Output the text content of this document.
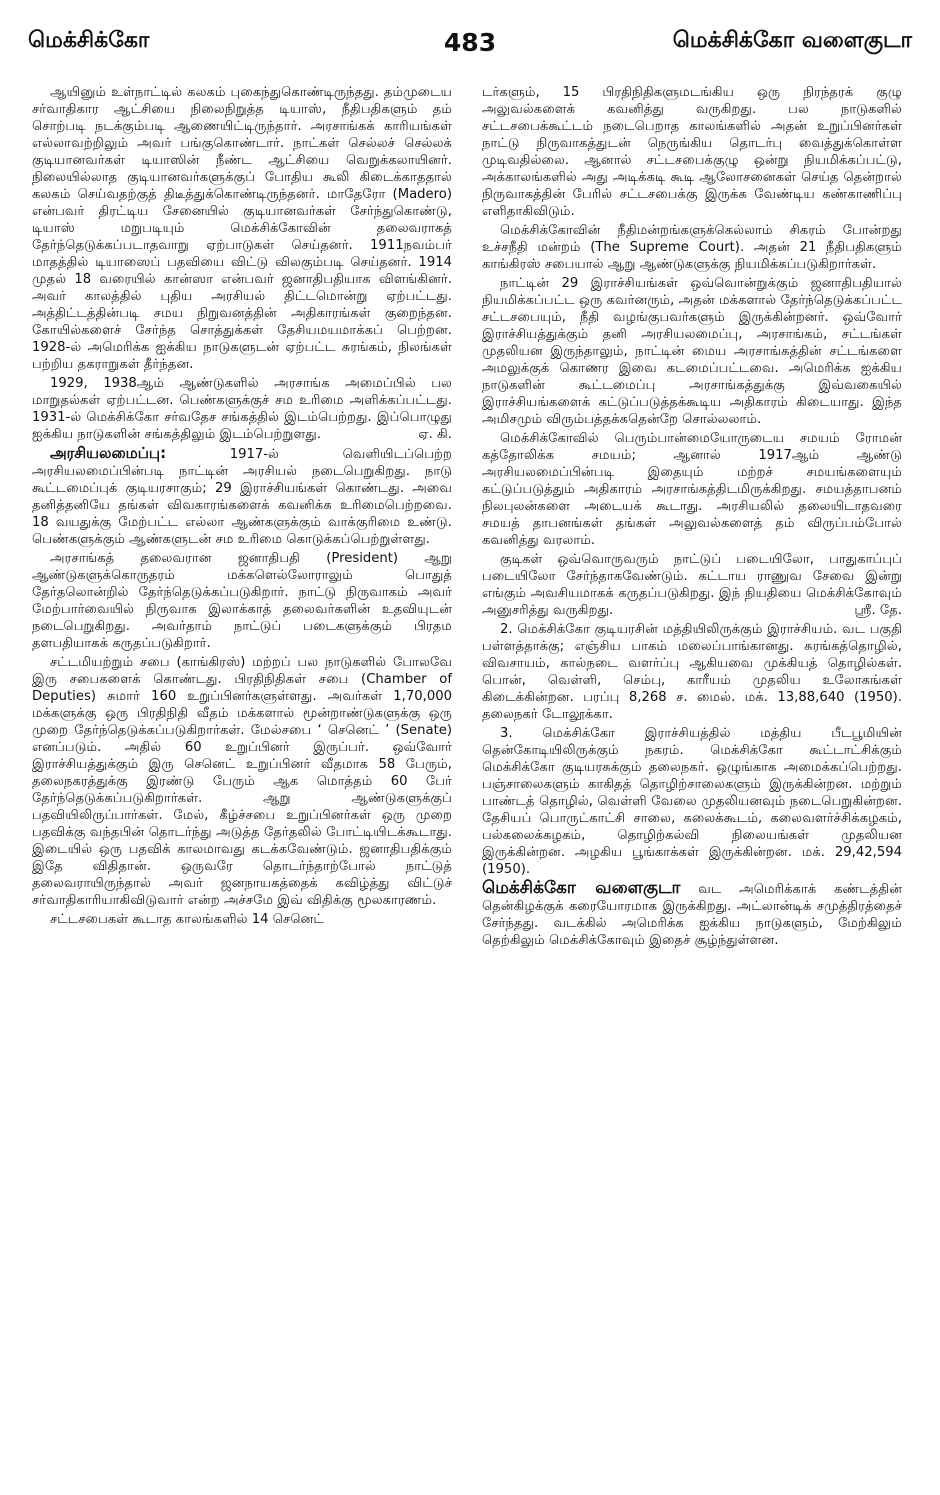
மெக்சிக்கோ	483	மெக்சிக்கோ வளைகுடா

ஆயினும் உள்நாட்டில் கலகம் புகைந்துகொண்டிருந்தது. தம்முடைய சர்வாதிகார ஆட்சியை நிலைநிறுத்த டியாஸ், நீதிபதிகளும் தம் சொற்படி நடக்கும்படி ஆணையிட்டிருந்தார். அரசாங்கக் காரியங்கள் எல்லாவற்றிலும் அவர் பங்குகொண்டார். நாட்கள் செல்லச் செல்லக் குடியானவர்கள் டியாஸின் நீண்ட ஆட்சியை வெறுக்கலாயினர். நிலையில்லாத குடியானவர்களுக்குப் போதிய கூலி கிடைக்காததால் கலகம் செய்வதற்குத் திடீத்துக்கொண்டிருந்தனர். மாதேரோ (Madero) என்பவர் திரட்டிய சேனையில் குடியானவர்கள் சேர்ந்துகொண்டு, டியாஸ் மறுபடியும் மெக்சிக்கோவின் தலைவராகத் தேர்ந்தெடுக்கப்படாதவாறு ஏற்பாடுகள் செய்தனர். 1911நவம்பர் மாதத்தில் டியாஸைப் பதவியை விட்டு விலகும்படி செய்தனர். 1914 முதல் 18 வரையில் கான்ஸா என்பவர் ஜனாதிபதியாக விளங்கினர். அவர் காலத்தில் புதிய அரசியல் திட்டமொன்று ஏற்பட்டது. அத்திட்டத்தின்படி சமய நிறுவனத்தின் அதிகாரங்கள் குறைந்தன. கோயில்களைச் சேர்ந்த சொத்துக்கள் தேசியமயமாக்கப் பெற்றன. 1928-ல் அமெரிக்க ஐக்கிய நாடுகளுடன் ஏற்பட்ட சுரங்கம், நிலங்கள் பற்றிய தகராறுகள் தீர்ந்தன.

1929, 1938ஆம் ஆண்டுகளில் அரசாங்க அமைப்பில் பல மாறுதல்கள் ஏற்பட்டன. பெண்களுக்குச் சம உரிமை அளிக்கப்பட்டது. 1931-ல் மெக்சிக்கோ சர்வதேச சங்கத்தில் இடம்பெற்றது. இப்பொழுது ஐக்கிய நாடுகளின் சங்கத்திலும் இடம்பெற்றுளது.	ஏ. கி.

அரசியலமைப்பு: 1917-ல் வெளியிடப்பெற்ற அரசியலமைப்பின்படி நாட்டின் அரசியல் நடைபெறுகிறது. நாடு கூட்டமைப்புக் குடியரசாகும்; 29 இராச்சியங்கள் கொண்டது. அவை தனித்தனியே தங்கள் விவகாரங்களைக் கவனிக்க உரிமைபெற்றவை. 18 வயதுக்கு மேற்பட்ட எல்லா ஆண்களுக்கும் வாக்குரிமை உண்டு. பெண்களுக்கும் ஆண்களுடன் சம உரிமை கொடுக்கப்பெற்றுள்ளது.

அரசாங்கத் தலைவரான ஜனாதிபதி (President) ஆறு ஆண்டுகளுக்கொருதரம் மக்களெல்லோராலும் பொதுத் தேர்தலொன்றில் தேர்ந்தெடுக்கப்படுகிறார். நாட்டு நிருவாகம் அவர் மேற்பார்வையில் நிருவாக இலாக்காத் தலைவர்களின் உதவியுடன் நடைபெறுகிறது. அவர்தாம் நாட்டுப் படைகளுக்கும் பிரதம தளபதியாகக் கருதப்படுகிறார்.

சட்டமியற்றும் சபை (காங்கிரஸ்) மற்றப் பல நாடுகளில் போலவே இரு சபைகளைக் கொண்டது. பிரதிநிதிகள் சபை (Chamber of Deputies) சுமார் 160 உறுப்பினர்களுள்ளது. அவர்கள் 1,70,000 மக்களுக்கு ஒரு பிரதிநிதி வீதம் மக்களால் மூன்றாண்டுகளுக்கு ஒரு முறை தேர்ந்தெடுக்கப்படுகிறார்கள். மேல்சபை ‘ செனெட் ’ (Senate) எனப்படும். அதில் 60 உறுப்பினர் இருப்பர். ஒவ்வோர் இராச்சியத்துக்கும் இரு செனெட் உறுப்பினர் வீதமாக 58 பேரும், தலைநகரத்துக்கு இரண்டு பேரும் ஆக மொத்தம் 60 பேர் தேர்ந்தெடுக்கப்படுகிறார்கள். ஆறு ஆண்டுகளுக்குப் பதவியிலிருப்பார்கள். மேல், கீழ்ச்சபை உறுப்பினர்கள் ஒரு முறை பதவிக்கு வந்தபின் தொடர்ந்து அடுத்த தேர்தலில் போட்டியிடக்கூடாது. இடையில் ஒரு பதவிக் காலமாவது கடக்கவேண்டும். ஜனாதிபதிக்கும் இதே விதிதான். ஒருவரே தொடர்ந்தாற்போல் நாட்டுத் தலைவராயிருந்தால் அவர் ஜனநாயகத்தைக் கவிழ்த்து விட்டுச் சர்வாதிகாரியாகிவிடுவார் என்ற அச்சமே இவ் விதிக்கு மூலகாரணம்.

சட்டசபைகள் கூடாத காலங்களில் 14 செனெட்

டர்களும், 15 பிரதிநிதிகளுமடங்கிய ஒரு நிரந்தரக் குழு அலுவல்களைக் கவனித்து வருகிறது. பல நாடுகளில் சட்டசபைக்கூட்டம் நடைபெறாத காலங்களில் அதன் உறுப்பினர்கள் நாட்டு நிருவாகத்துடன் நெருங்கிய தொடர்பு வைத்துக்கொள்ள முடிவதில்லை. ஆனால் சட்டசபைக்குழு ஒன்று நியமிக்கப்பட்டு, அக்காலங்களில் அது அடிக்கடி கூடி ஆலோசனைகள் செய்த தென்றால் நிருவாகத்தின் பேரில் சட்டசபைக்கு இருக்க வேண்டிய கண்காணிப்பு எளிதாகிவிடும்.

மெக்சிக்கோவின் நீதிமன்றங்களுக்கெல்லாம் சிகரம் போன்றது உச்சநீதி மன்றம் (The Supreme Court). அதன் 21 நீதிபதிகளும் காங்கிரஸ் சபையால் ஆறு ஆண்டுகளுக்கு நியமிக்கப்படுகிறார்கள்.

நாட்டின் 29 இராச்சியங்கள் ஒவ்வொன்றுக்கும் ஜனாதிபதியால் நியமிக்கப்பட்ட ஒரு கவர்னரும், அதன் மக்களால் தேர்ந்தெடுக்கப்பட்ட சட்டசபையும், நீதி வழங்குபவர்களும் இருக்கின்றனர். ஒவ்வோர் இராச்சியத்துக்கும் தனி அரசியலமைப்பு, அரசாங்கம், சட்டங்கள் முதலியன இருந்தாலும், நாட்டின் மைய அரசாங்கத்தின் சட்டங்களை அமலுக்குக் கொணர இவை கடமைப்பட்டவை. அமெரிக்க ஐக்கிய நாடுகளின் கூட்டமைப்பு அரசாங்கத்துக்கு இவ்வகையில் இராச்சியங்களைக் கட்டுப்படுத்தக்கூடிய அதிகாரம் கிடையாது. இந்த அமிசமும் விரும்பத்தக்கதென்றே சொல்லலாம்.

மெக்சிக்கோவில் பெரும்பான்மையோருடைய சமயம் ரோமன் கத்தோலிக்க சமயம்; ஆனால் 1917ஆம் ஆண்டு அரசியலமைப்பின்படி இதையும் மற்றச் சமயங்களையும் கட்டுப்படுத்தும் அதிகாரம் அரசாங்கத்திடமிருக்கிறது. சமயத்தாபனம் நிலபுலன்களை அடையக் கூடாது. அரசியலில் தலையிடாதவரை சமயத் தாபனங்கள் தங்கள் அலுவல்களைத் தம் விருப்பம்போல் கவனித்து வரலாம்.

குடிகள் ஒவ்வொருவரும் நாட்டுப் படையிலோ, பாதுகாப்புப் படையிலோ சேர்ந்தாகவேண்டும். கட்டாய ராணுவ சேவை இன்று எங்கும் அவசியமாகக் கருதப்படுகிறது. இந் நியதியை மெக்சிக்கோவும் அனுசரித்து வருகிறது.	ஸ்ரீ. தே.

2. மெக்சிக்கோ குடியரசின் மத்தியிலிருக்கும் இராச்சியம். வட பகுதி பள்ளத்தாக்கு; எஞ்சிய பாகம் மலைப்பாங்கானது. சுரங்கத்தொழில், விவசாயம், கால்நடை வளர்ப்பு ஆகியவை முக்கியத் தொழில்கள். பொன், வெள்ளி, செம்பு, காரீயம் முதலிய உலோகங்கள் கிடைக்கின்றன. பரப்பு 8,268 ச. மைல். மக். 13,88,640 (1950). தலைநகர் டோலூக்கா.

3. மெக்சிக்கோ இராச்சியத்தில் மத்திய பீடபூமியின் தென்கோடியிலிருக்கும் நகரம். மெக்சிக்கோ கூட்டாட்சிக்கும் மெக்சிக்கோ குடியரசுக்கும் தலைநகர். ஒழுங்காக அமைக்கப்பெற்றது. பஞ்சாலைகளும் காகிதத் தொழிற்சாலைகளும் இருக்கின்றன. மற்றும் பாண்டத் தொழில், வெள்ளி வேலை முதலியனவும் நடைபெறுகின்றன. தேசியப் பொருட்காட்சி சாலை, கலைக்கூடம், கலைவளர்ச்சிக்கழகம், பல்கலைக்கழகம், தொழிற்கல்வி நிலையங்கள் முதலியன இருக்கின்றன. அழகிய பூங்காக்கள் இருக்கின்றன. மக். 29,42,594 (1950).

மெக்சிக்கோ வளைகுடா வட அமெரிக்காக் கண்டத்தின் தென்கிழக்குக் கரையோரமாக இருக்கிறது. அட்லான்டிக் சமுத்திரத்தைச் சேர்ந்தது. வடக்கில் அமெரிக்க ஐக்கிய நாடுகளும், மேற்கிலும் தெற்கிலும் மெக்சிக்கோவும் இதைச் சூழ்ந்துள்ளன.
